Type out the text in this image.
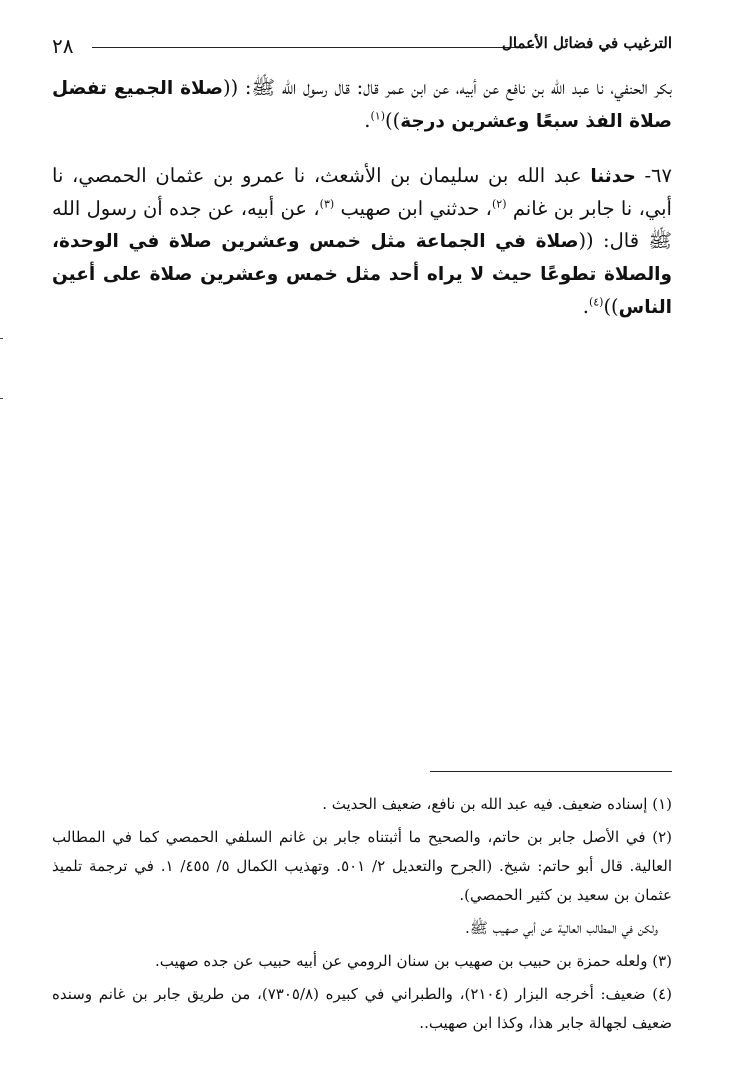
٢٨	الترغيب في فضائل الأعمال

بكر الحنفي، نا عبد الله بن نافع عن أبيه، عن ابن عمر قال: قال رسول الله ﷺ: ((صلاة الجميع تفضل صلاة الفذ سبعًا وعشرين درجة))$^{(١)}$.

٦٧- حدثنا عبد الله بن سليمان بن الأشعث، نا عمرو بن عثمان الحمصي، نا أبي، نا جابر بن غانم $^{(٢)}$، حدثني ابن صهيب $^{(٣)}$، عن أبيه، عن جده أن رسول الله ﷺ قال: ((صلاة في الجماعة مثل خمس وعشرين صلاة في الوحدة، والصلاة تطوعًا حيث لا يراه أحد مثل خمس وعشرين صلاة على أعين الناس))$^{(٤)}$.

(١) إسناده ضعيف. فيه عبد الله بن نافع، ضعيف الحديث .

(٢) في الأصل جابر بن حاتم، والصحيح ما أثبتناه جابر بن غانم السلفي الحمصي كما في المطالب العالية. قال أبو حاتم: شيخ. (الجرح والتعديل ٢/ ٥٠١. وتهذيب الكمال ٥/ ٤٥٥/ ١. في ترجمة تلميذ عثمان بن سعيد بن كثير الحمصي).

ولكن في المطالب العالية عن أبي صهيب ﷺ.

(٣) ولعله حمزة بن حبيب بن صهيب بن سنان الرومي عن أبيه حبيب عن جده صهيب.

(٤) ضعيف: أخرجه البزار (٢١٠٤)، والطبراني في كبيره (٧٣٠٥/٨)، من طريق جابر بن غانم وسنده ضعيف لجهالة جابر هذا، وكذا ابن صهيب..
